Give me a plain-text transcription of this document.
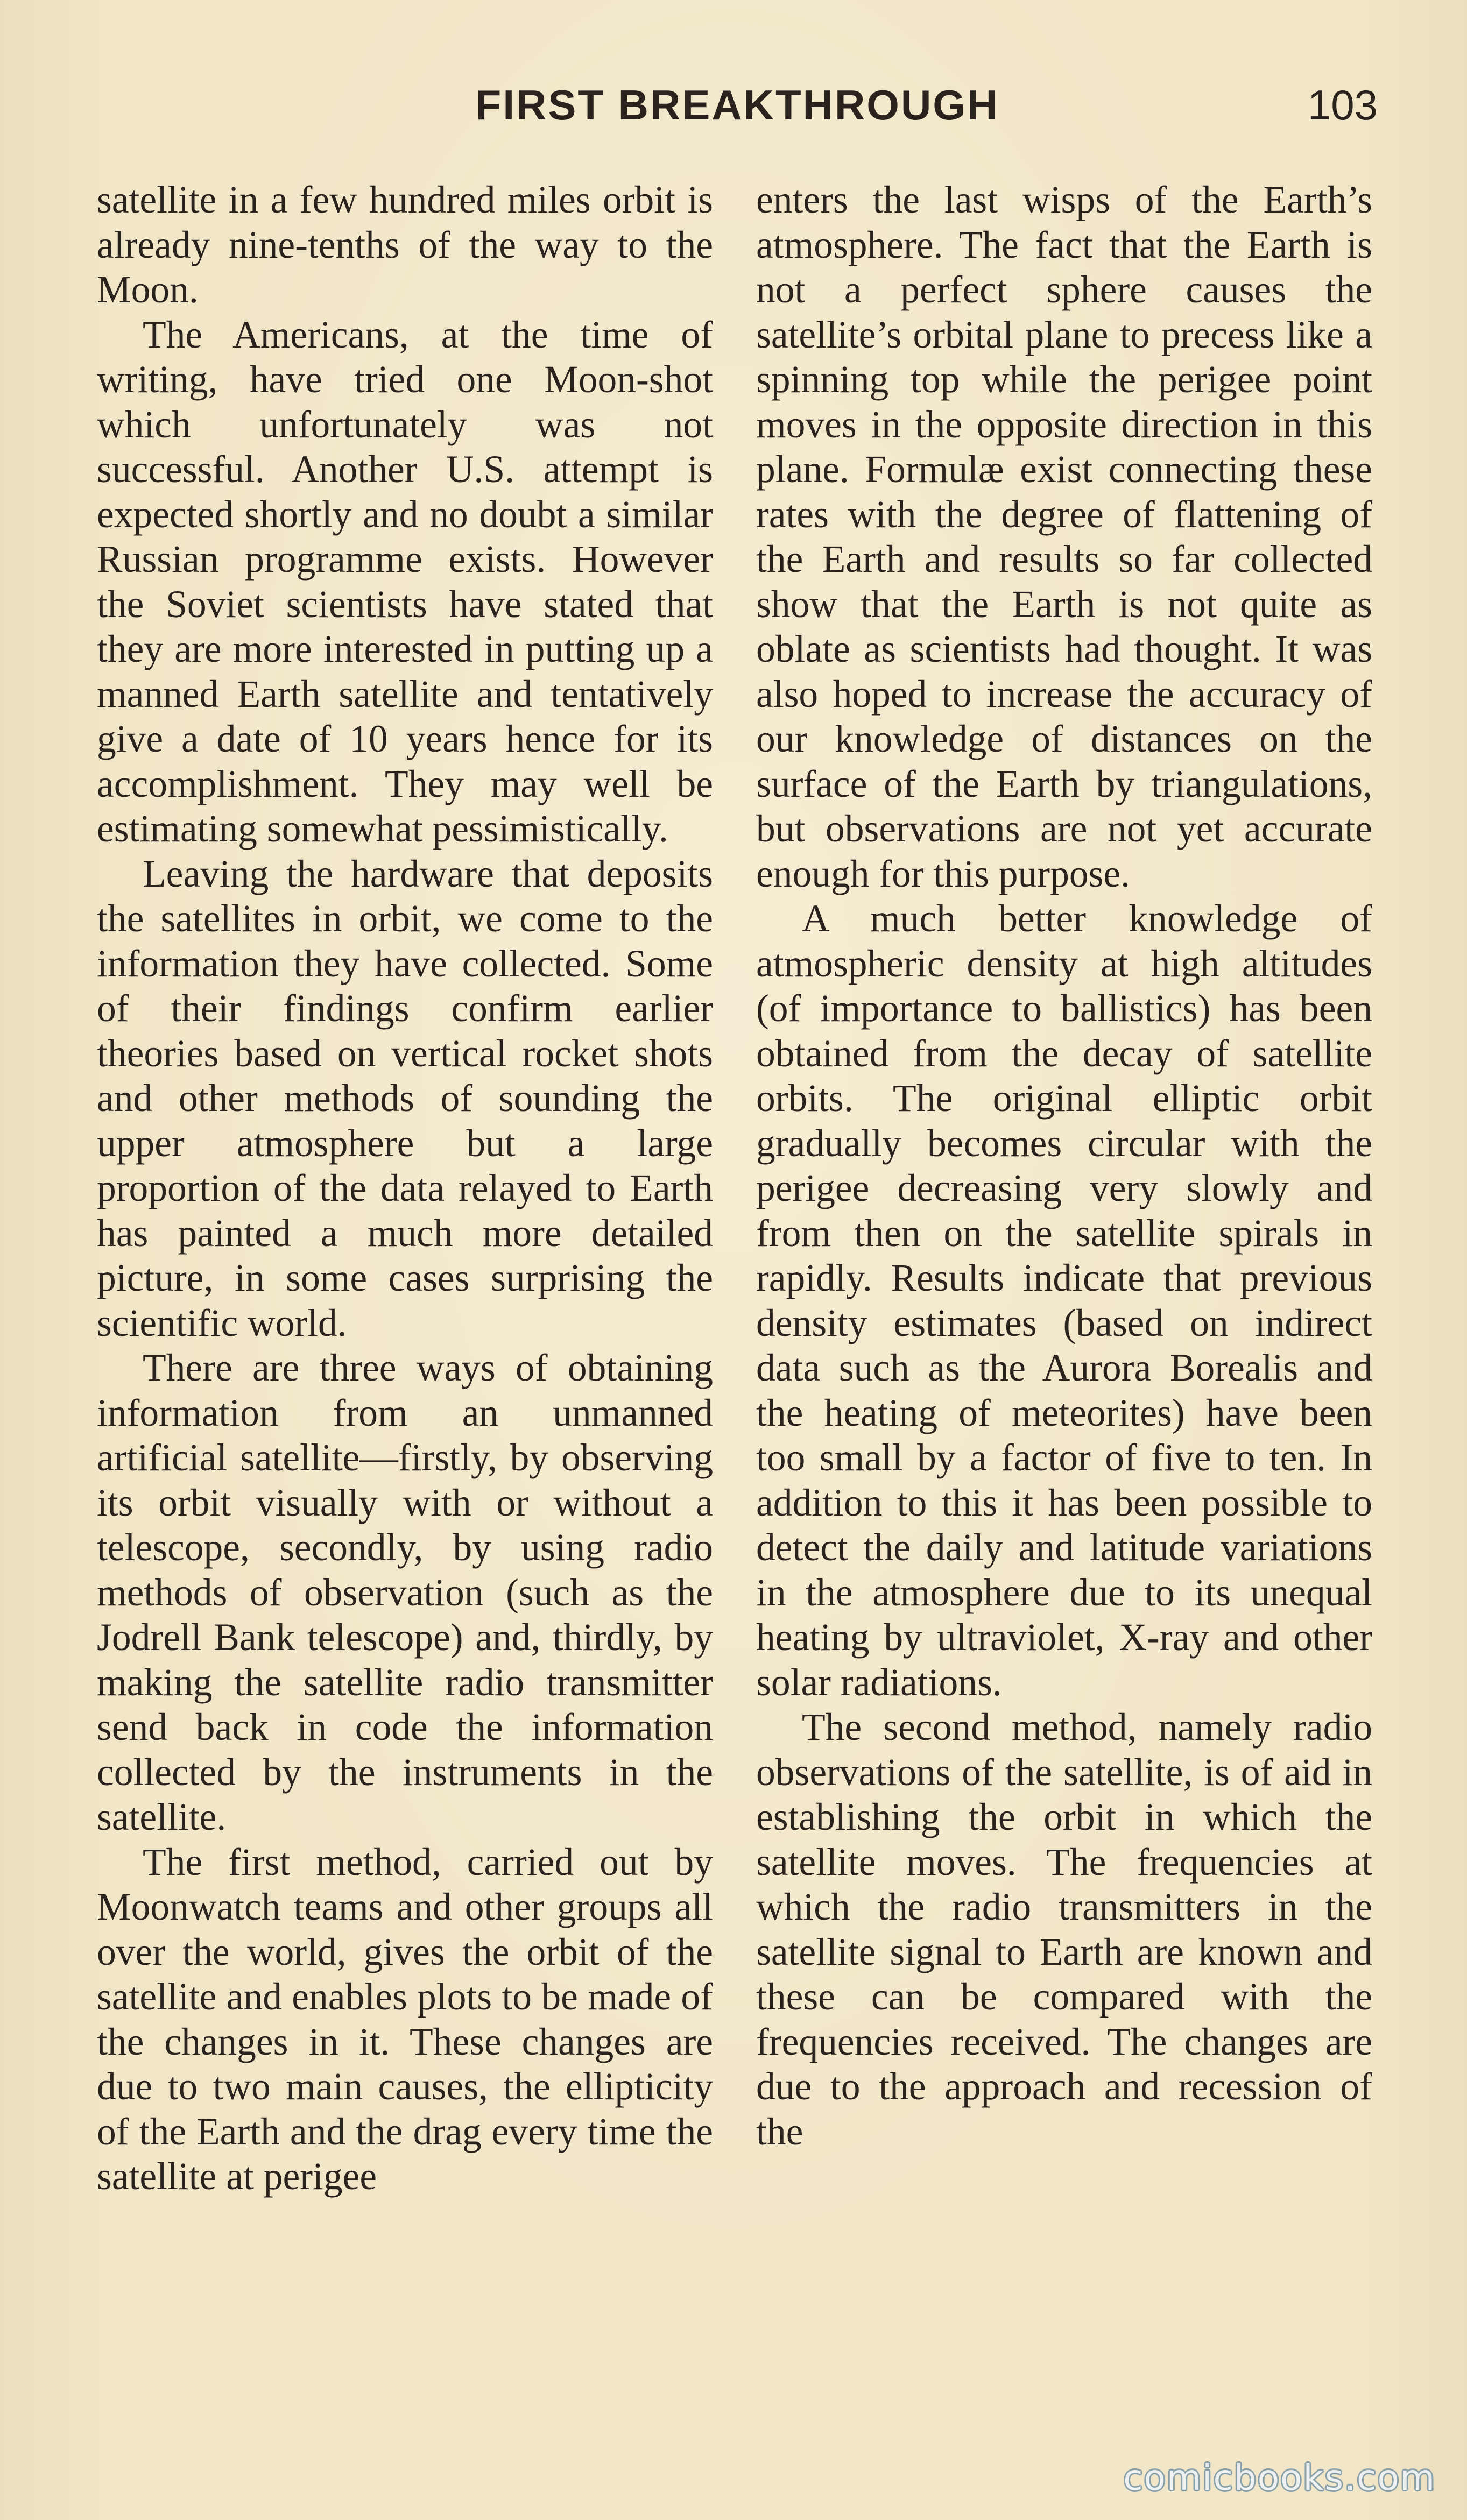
FIRST BREAKTHROUGH	103

satellite in a few hundred miles orbit is already nine-tenths of the way to the Moon.

The Americans, at the time of writing, have tried one Moon-shot which unfortunately was not successful. Another U.S. attempt is expected shortly and no doubt a similar Russian programme exists. However the Soviet scientists have stated that they are more interested in putting up a manned Earth satellite and tentatively give a date of 10 years hence for its accomplishment. They may well be estimating somewhat pessimistically.

Leaving the hardware that deposits the satellites in orbit, we come to the information they have collected. Some of their findings confirm earlier theories based on vertical rocket shots and other methods of sounding the upper atmosphere but a large proportion of the data relayed to Earth has painted a much more detailed picture, in some cases surprising the scientific world.

There are three ways of obtaining information from an unmanned artificial satellite—firstly, by observing its orbit visually with or without a telescope, secondly, by using radio methods of observation (such as the Jodrell Bank telescope) and, thirdly, by making the satellite radio transmitter send back in code the information collected by the instruments in the satellite.

The first method, carried out by Moonwatch teams and other groups all over the world, gives the orbit of the satellite and enables plots to be made of the changes in it. These changes are due to two main causes, the ellipticity of the Earth and the drag every time the satellite at perigee

enters the last wisps of the Earth’s atmosphere. The fact that the Earth is not a perfect sphere causes the satellite’s orbital plane to precess like a spinning top while the perigee point moves in the opposite direction in this plane. Formulæ exist connecting these rates with the degree of flattening of the Earth and results so far collected show that the Earth is not quite as oblate as scientists had thought. It was also hoped to increase the accuracy of our knowledge of distances on the surface of the Earth by triangulations, but observations are not yet accurate enough for this purpose.

A much better knowledge of atmospheric density at high altitudes (of importance to ballistics) has been obtained from the decay of satellite orbits. The original elliptic orbit gradually becomes circular with the perigee decreasing very slowly and from then on the satellite spirals in rapidly. Results indicate that previous density estimates (based on indirect data such as the Aurora Borealis and the heating of meteorites) have been too small by a factor of five to ten. In addition to this it has been possible to detect the daily and latitude variations in the atmosphere due to its unequal heating by ultraviolet, X-ray and other solar radiations.

The second method, namely radio observations of the satellite, is of aid in establishing the orbit in which the satellite moves. The frequencies at which the radio transmitters in the satellite signal to Earth are known and these can be compared with the frequencies received. The changes are due to the approach and recession of the

comicbooks.com
